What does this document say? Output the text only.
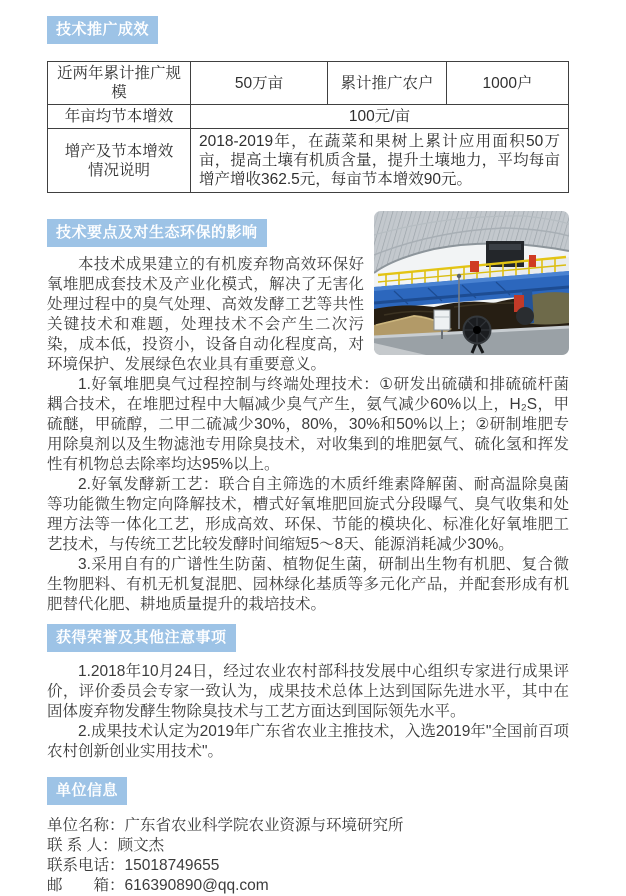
技术推广成效
近两年累计推广规模	50万亩	累计推广农户	1000户
年亩均节本增效	100元/亩		

增产及节本增效
情况说明	2018-2019年，在蔬菜和果树上累计应用面积50万亩，提高土壤有机质含量，提升土壤地力，平均每亩增产增收362.5元，每亩节本增效90元。		
技术要点及对生态环保的影响

本技术成果建立的有机废弃物高效环保好氧堆肥成套技术及产业化模式，解决了无害化处理过程中的臭气处理、高效发酵工艺等共性关键技术和难题，处理技术不会产生二次污染，成本低，投资小，设备自动化程度高，对环境保护、发展绿色农业具有重要意义。

1.好氧堆肥臭气过程控制与终端处理技术：①研发出硫磺和排硫硫杆菌耦合技术，在堆肥过程中大幅减少臭气产生，氨气减少60%以上，H₂S，甲硫醚，甲硫醇，二甲二硫减少30%，80%，30%和50%以上；②研制堆肥专用除臭剂以及生物滤池专用除臭技术，对收集到的堆肥氨气、硫化氢和挥发性有机物总去除率均达95%以上。

2.好氧发酵新工艺：联合自主筛选的木质纤维素降解菌、耐高温除臭菌等功能微生物定向降解技术，槽式好氧堆肥回旋式分段曝气、臭气收集和处理方法等一体化工艺，形成高效、环保、节能的模块化、标准化好氧堆肥工艺技术，与传统工艺比较发酵时间缩短5～8天、能源消耗减少30%。

3.采用自有的广谱性生防菌、植物促生菌，研制出生物有机肥、复合微生物肥料、有机无机复混肥、园林绿化基质等多元化产品，并配套形成有机肥替代化肥、耕地质量提升的栽培技术。

获得荣誉及其他注意事项

1.2018年10月24日，经过农业农村部科技发展中心组织专家进行成果评价，评价委员会专家一致认为，成果技术总体上达到国际先进水平，其中在固体废弃物发酵生物除臭技术与工艺方面达到国际领先水平。

2.成果技术认定为2019年广东省农业主推技术，入选2019年"全国前百项农村创新创业实用技术"。

单位信息
单位名称：广东省农业科学院农业资源与环境研究所
联 系 人：顾文杰
联系电话：15018749655
邮　　箱：616390890@qq.com
